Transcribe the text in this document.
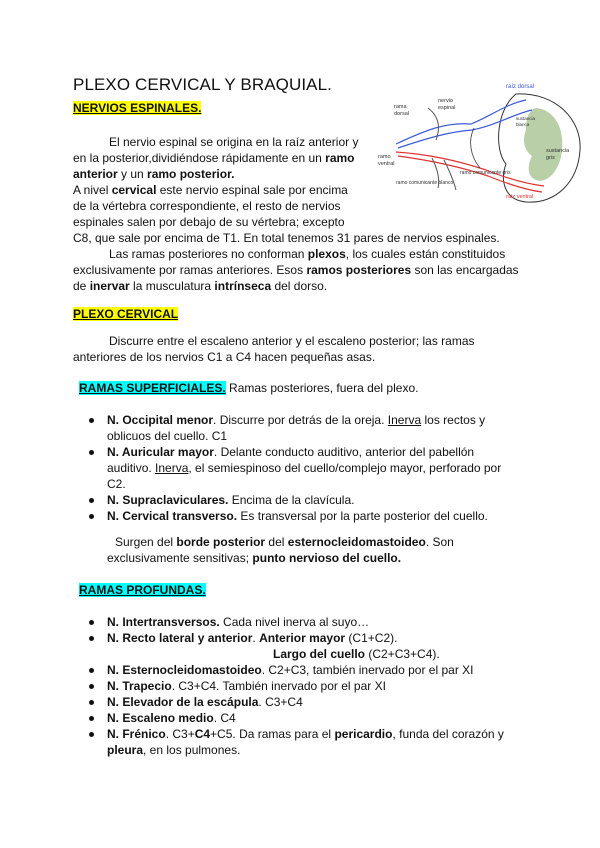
PLEXO CERVICAL Y BRAQUIAL.
NERVIOS ESPINALES.
El nervio espinal se origina en la raíz anterior y
en la posterior,dividiéndose rápidamente en un ramo
anterior y un ramo posterior.
A nivel cervical este nervio espinal sale por encima
de la vértebra correspondiente, el resto de nervios
espinales salen por debajo de su vértebra; excepto
C8, que sale por encima de T1. En total tenemos 31 pares de nervios espinales.
Las ramas posteriores no conforman plexos, los cuales están constituidos
exclusivamente por ramas anteriores. Esos ramos posteriores son las encargadas
de inervar la musculatura intrínseca del dorso.
raíz dorsal
rama
dorsal
nervio
espinal
sustancia
blanca
sustancia
gris
ramo
ventral
ramo comunicante gris
ramo comunicante blanco
raíz ventral
PLEXO CERVICAL
Discurre entre el escaleno anterior y el escaleno posterior; las ramas
anteriores de los nervios C1 a C4 hacen pequeñas asas.
RAMAS SUPERFICIALES. Ramas posteriores, fuera del plexo.
N. Occipital menor. Discurre por detrás de la oreja. Inerva los rectos y
oblicuos del cuello. C1
N. Auricular mayor. Delante conducto auditivo, anterior del pabellón
auditivo. Inerva, el semiespinoso del cuello/complejo mayor, perforado por
C2.
N. Supraclaviculares. Encima de la clavícula.
N. Cervical transverso. Es transversal por la parte posterior del cuello.
Surgen del borde posterior del esternocleidomastoideo. Son
exclusivamente sensitivas; punto nervioso del cuello.
RAMAS PROFUNDAS.
N. Intertransversos. Cada nivel inerva al suyo…
N. Recto lateral y anterior. Anterior mayor (C1+C2).
Largo del cuello (C2+C3+C4).
N. Esternocleidomastoideo. C2+C3, también inervado por el par XI
N. Trapecio. C3+C4. También inervado por el par XI
N. Elevador de la escápula. C3+C4
N. Escaleno medio. C4
N. Frénico. C3+C4+C5. Da ramas para el pericardio, funda del corazón y
pleura, en los pulmones.
